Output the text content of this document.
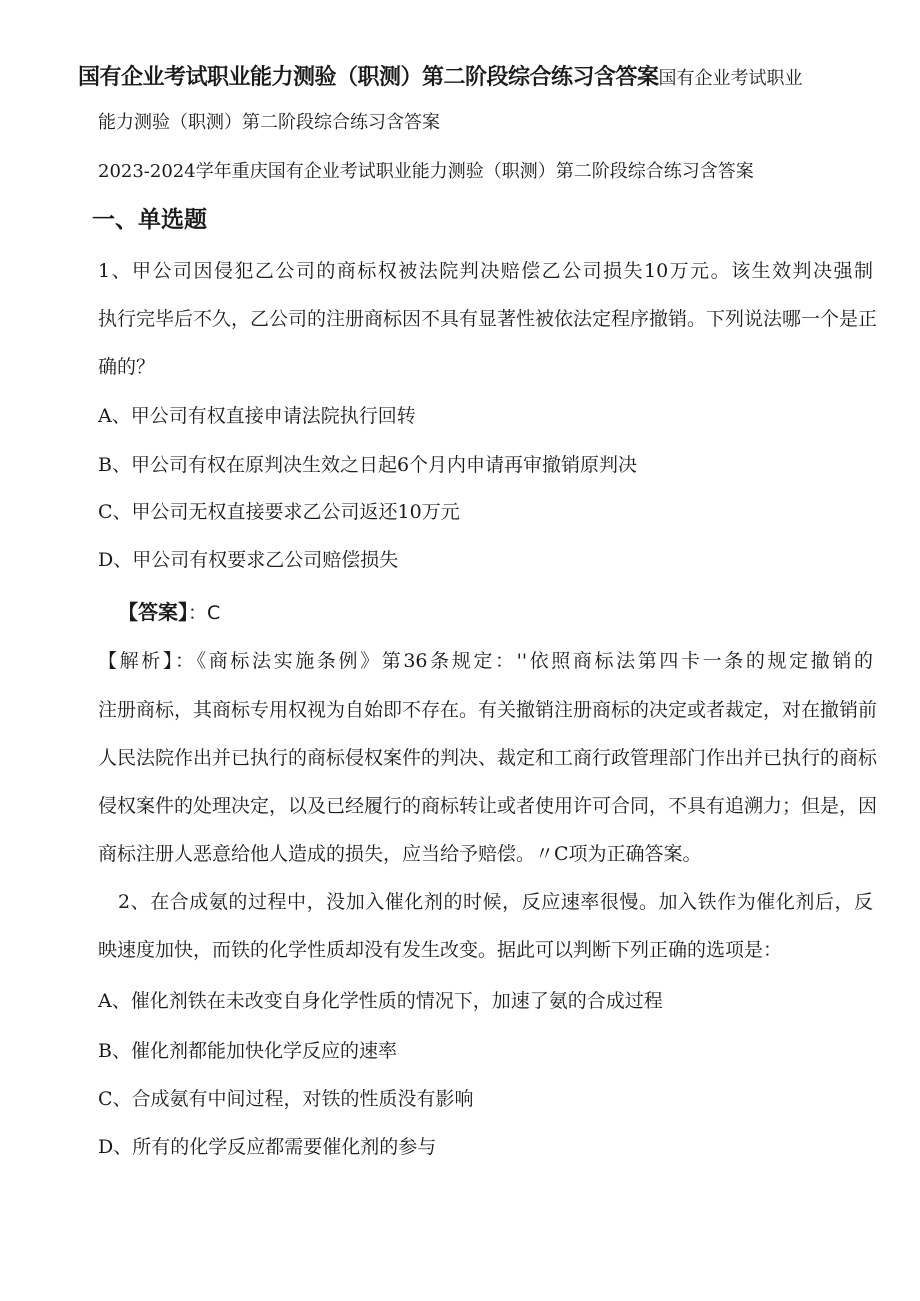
国有企业考试职业能力测验（职测）第二阶段综合练习含答案国有企业考试职业
能力测验（职测）第二阶段综合练习含答案
2023-2024学年重庆国有企业考试职业能力测验（职测）第二阶段综合练习含答案
一、单选题
1、甲公司因侵犯乙公司的商标权被法院判决赔偿乙公司损失10万元。该生效判决强制
执行完毕后不久，乙公司的注册商标因不具有显著性被依法定程序撤销。下列说法哪一个是正
确的？
A、甲公司有权直接申请法院执行回转
B、甲公司有权在原判决生效之日起6个月内申请再审撤销原判决
C、甲公司无权直接要求乙公司返还10万元
D、甲公司有权要求乙公司赔偿损失
【答案】：C
【解析】：《商标法实施条例》第36条规定：''依照商标法第四卡一条的规定撤销的
注册商标，其商标专用权视为自始即不存在。有关撤销注册商标的决定或者裁定，对在撤销前
人民法院作出并已执行的商标侵权案件的判决、裁定和工商行政管理部门作出并已执行的商标
侵权案件的处理决定，以及已经履行的商标转让或者使用许可合同，不具有追溯力；但是，因
商标注册人恶意给他人造成的损失，应当给予赔偿。〃C项为正确答案。
2、在合成氨的过程中，没加入催化剂的时候，反应速率很慢。加入铁作为催化剂后，反
映速度加快，而铁的化学性质却没有发生改变。据此可以判断下列正确的选项是：
A、催化剂铁在未改变自身化学性质的情况下，加速了氨的合成过程
B、催化剂都能加快化学反应的速率
C、合成氨有中间过程，对铁的性质没有影响
D、所有的化学反应都需要催化剂的参与
